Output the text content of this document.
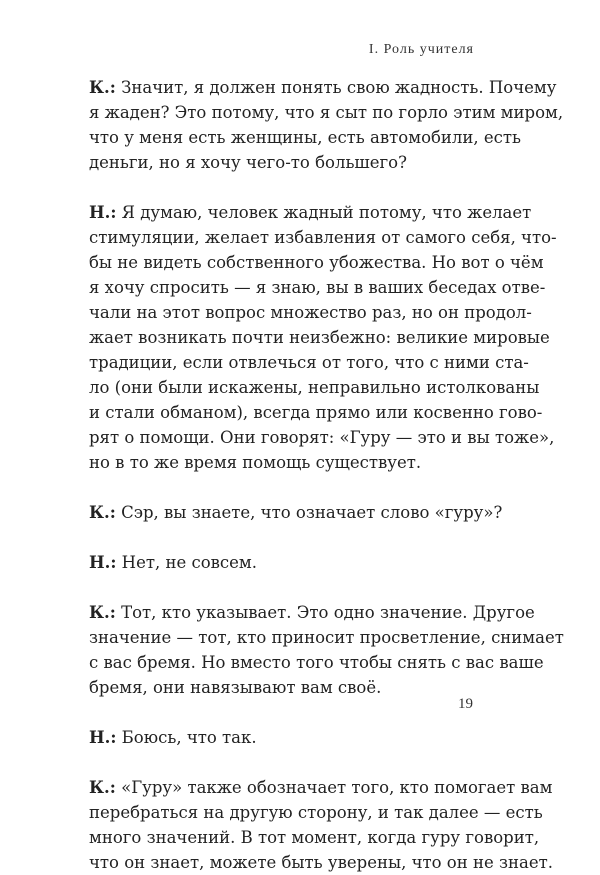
I. Роль учителя
К.: Значит, я должен понять свою жадность. Почему
я жаден? Это потому, что я сыт по горло этим миром,
что у меня есть женщины, есть автомобили, есть
деньги, но я хочу чего-то большего?
Н.: Я думаю, человек жадный потому, что желает
стимуляции, желает избавления от самого себя, что-
бы не видеть собственного убожества. Но вот о чём
я хочу спросить — я знаю, вы в ваших беседах отве-
чали на этот вопрос множество раз, но он продол-
жает возникать почти неизбежно: великие мировые
традиции, если отвлечься от того, что с ними ста-
ло (они были искажены, неправильно истолкованы
и стали обманом), всегда прямо или косвенно гово-
рят о помощи. Они говорят: «Гуру — это и вы тоже»,
но в то же время помощь существует.
К.: Сэр, вы знаете, что означает слово «гуру»?
Н.: Нет, не совсем.
К.: Тот, кто указывает. Это одно значение. Другое
значение — тот, кто приносит просветление, снимает
с вас бремя. Но вместо того чтобы снять с вас ваше
бремя, они навязывают вам своё.
Н.: Боюсь, что так.
К.: «Гуру» также обозначает того, кто помогает вам
перебраться на другую сторону, и так далее — есть
много значений. В тот момент, когда гуру говорит,
что он знает, можете быть уверены, что он не знает.
19
